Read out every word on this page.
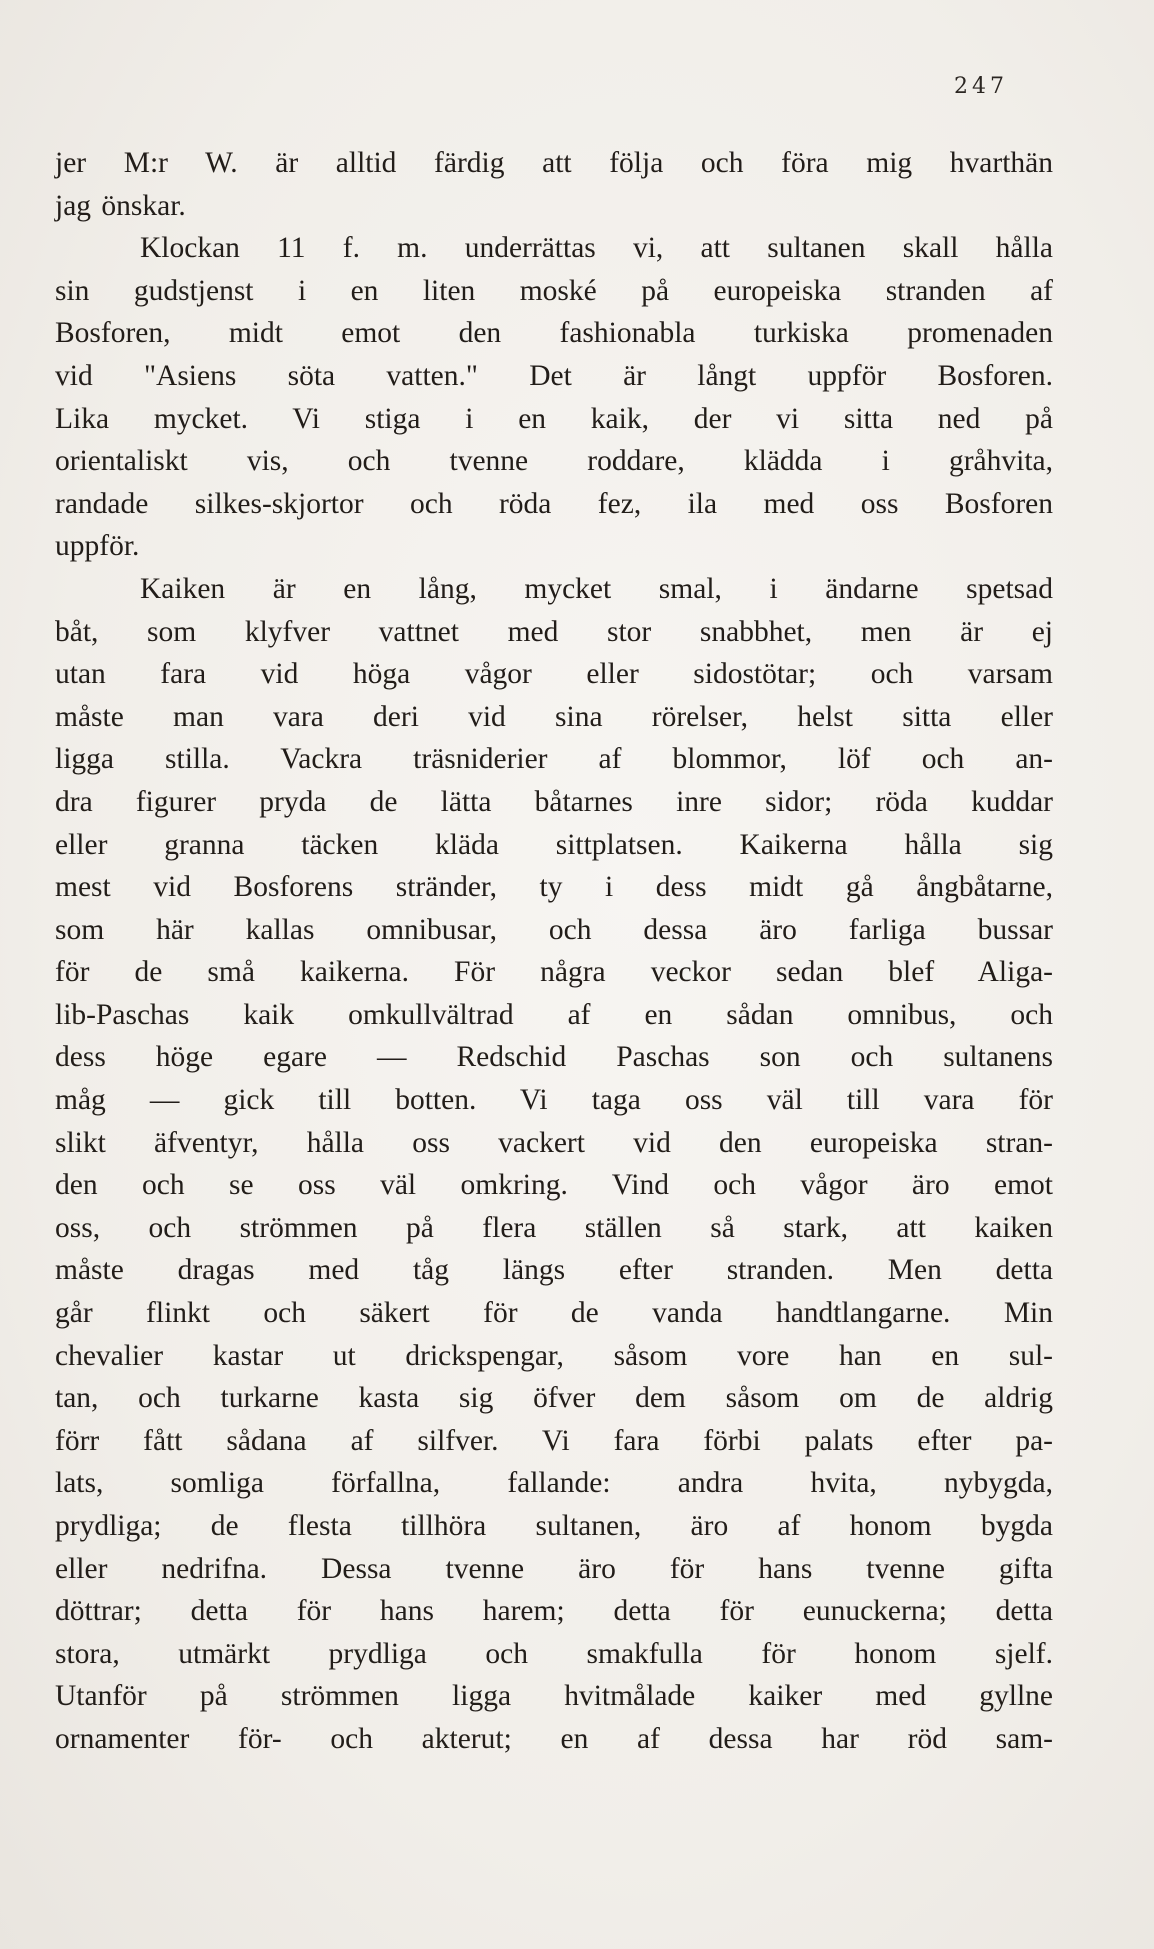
247
jer M:r W. är alltid färdig att följa och föra mig hvarthän
jag önskar.
Klockan 11 f. m. underrättas vi, att sultanen skall hålla
sin gudstjenst i en liten moské på europeiska stranden af
Bosforen, midt emot den fashionabla turkiska promenaden
vid "Asiens söta vatten." Det är långt uppför Bosforen.
Lika mycket. Vi stiga i en kaik, der vi sitta ned på
orientaliskt vis, och tvenne roddare, klädda i gråhvita,
randade silkes-skjortor och röda fez, ila med oss Bosforen
uppför.
Kaiken är en lång, mycket smal, i ändarne spetsad
båt, som klyfver vattnet med stor snabbhet, men är ej
utan fara vid höga vågor eller sidostötar; och varsam
måste man vara deri vid sina rörelser, helst sitta eller
ligga stilla. Vackra träsniderier af blommor, löf och an-
dra figurer pryda de lätta båtarnes inre sidor; röda kuddar
eller granna täcken kläda sittplatsen. Kaikerna hålla sig
mest vid Bosforens stränder, ty i dess midt gå ångbåtarne,
som här kallas omnibusar, och dessa äro farliga bussar
för de små kaikerna. För några veckor sedan blef Aliga-
lib-Paschas kaik omkullvältrad af en sådan omnibus, och
dess höge egare — Redschid Paschas son och sultanens
måg — gick till botten. Vi taga oss väl till vara för
slikt äfventyr, hålla oss vackert vid den europeiska stran-
den och se oss väl omkring. Vind och vågor äro emot
oss, och strömmen på flera ställen så stark, att kaiken
måste dragas med tåg längs efter stranden. Men detta
går flinkt och säkert för de vanda handtlangarne. Min
chevalier kastar ut drickspengar, såsom vore han en sul-
tan, och turkarne kasta sig öfver dem såsom om de aldrig
förr fått sådana af silfver. Vi fara förbi palats efter pa-
lats, somliga förfallna, fallande: andra hvita, nybygda,
prydliga; de flesta tillhöra sultanen, äro af honom bygda
eller nedrifna. Dessa tvenne äro för hans tvenne gifta
döttrar; detta för hans harem; detta för eunuckerna; detta
stora, utmärkt prydliga och smakfulla för honom sjelf.
Utanför på strömmen ligga hvitmålade kaiker med gyllne
ornamenter för- och akterut; en af dessa har röd sam-
